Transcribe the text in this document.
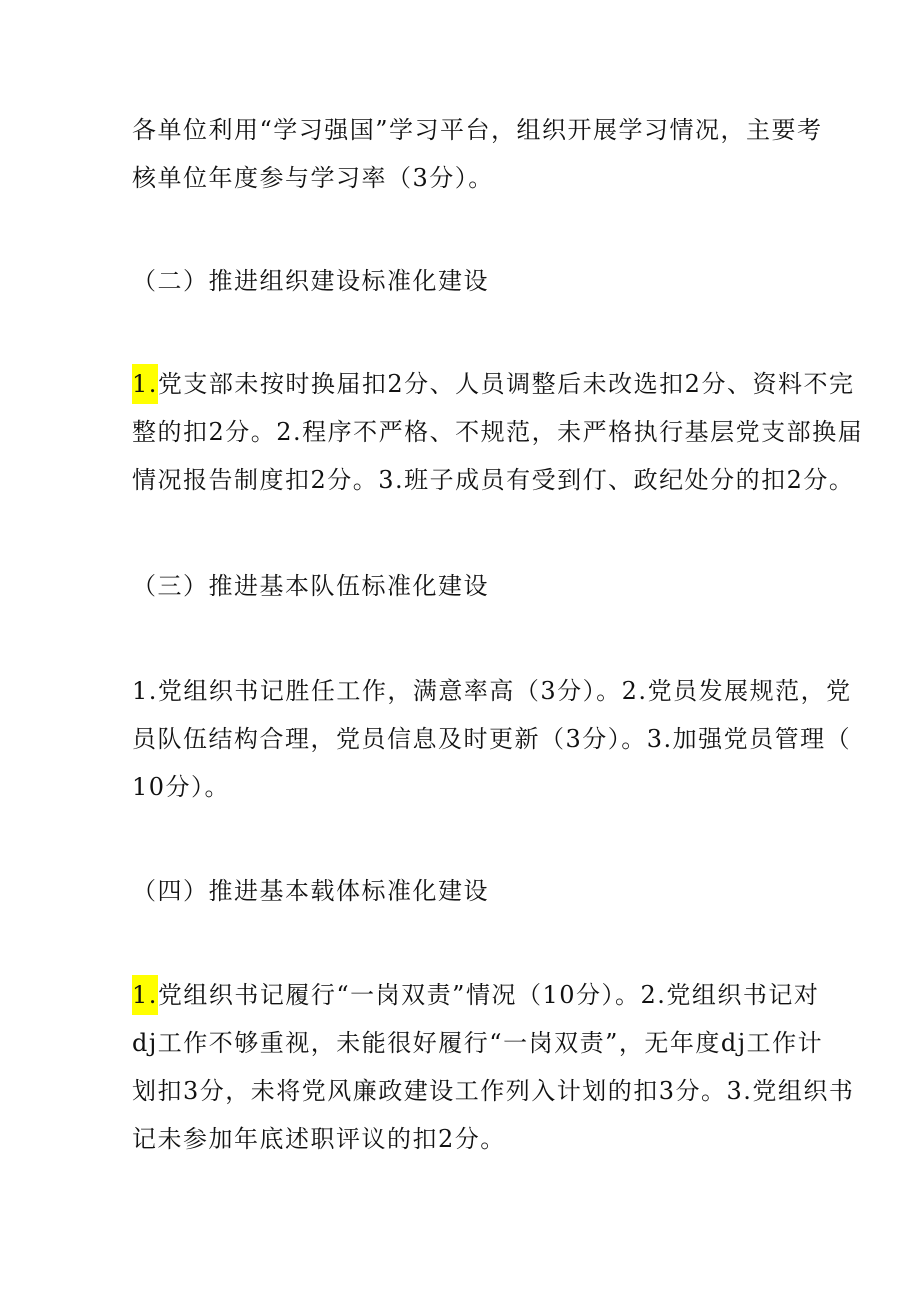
各单位利用“学习强国”学习平台，组织开展学习情况，主要考
核单位年度参与学习率（3分）。
（二）推进组织建设标准化建设
1.党支部未按时换届扣2分、人员调整后未改选扣2分、资料不完
整的扣2分。2.程序不严格、不规范，未严格执行基层党支部换届
情况报告制度扣2分。3.班子成员有受到仃、政纪处分的扣2分。
（三）推进基本队伍标准化建设
1.党组织书记胜任工作，满意率高（3分）。2.党员发展规范，党
员队伍结构合理，党员信息及时更新（3分）。3.加强党员管理（
10分）。
（四）推进基本载体标准化建设
1.党组织书记履行“一岗双责”情况（10分）。2.党组织书记对
dj工作不够重视，未能很好履行“一岗双责”，无年度dj工作计
划扣3分，未将党风廉政建设工作列入计划的扣3分。3.党组织书
记未参加年底述职评议的扣2分。
